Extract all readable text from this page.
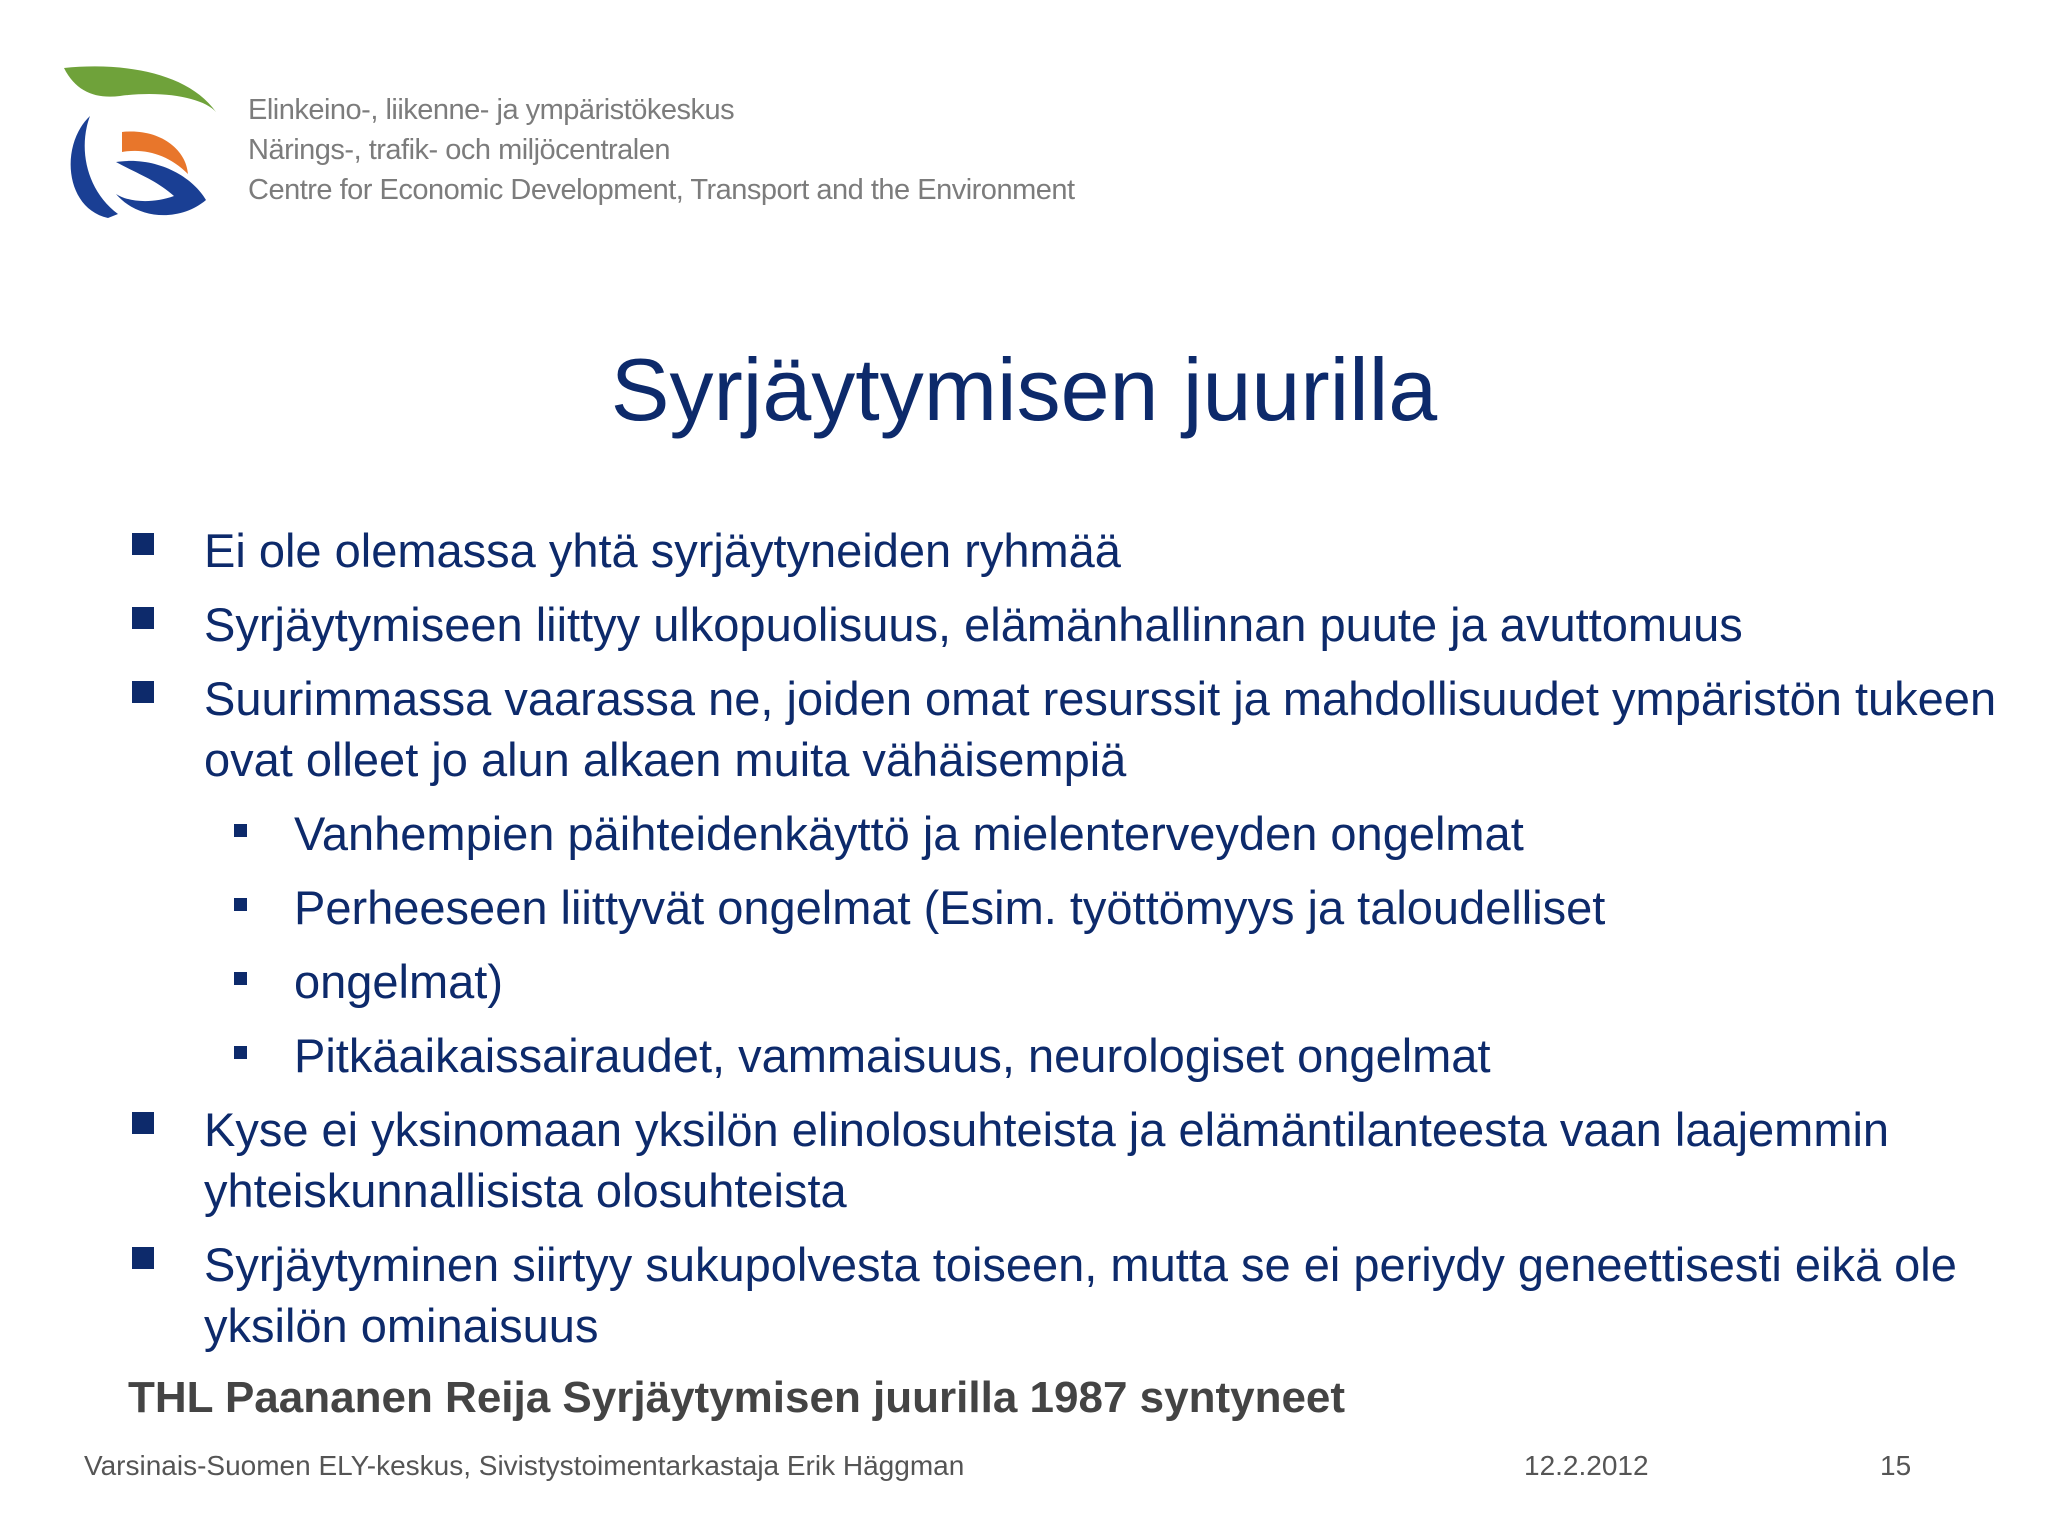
Elinkeino-, liikenne- ja ympäristökeskus
Närings-, trafik- och miljöcentralen
Centre for Economic Development, Transport and the Environment
Syrjäytymisen juurilla
Ei ole olemassa yhtä syrjäytyneiden ryhmää
Syrjäytymiseen liittyy ulkopuolisuus, elämänhallinnan puute ja avuttomuus
Suurimmassa vaarassa ne, joiden omat resurssit ja mahdollisuudet ympäristön tukeen ovat olleet jo alun alkaen muita vähäisempiä
Vanhempien päihteidenkäyttö ja mielenterveyden ongelmat
Perheeseen liittyvät ongelmat (Esim. työttömyys ja taloudelliset
ongelmat)
Pitkäaikaissairaudet, vammaisuus, neurologiset ongelmat
Kyse ei yksinomaan yksilön elinolosuhteista ja elämäntilanteesta vaan laajemmin yhteiskunnallisista olosuhteista
Syrjäytyminen siirtyy sukupolvesta toiseen, mutta se ei periydy geneettisesti eikä ole yksilön ominaisuus
THL Paananen Reija Syrjäytymisen juurilla 1987 syntyneet
Varsinais-Suomen ELY-keskus, Sivistystoimentarkastaja Erik Häggman	12.2.2012	15
